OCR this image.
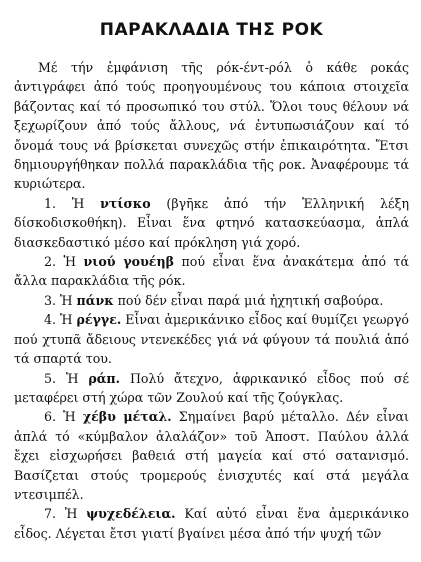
ΠΑΡΑΚΛΑΔΙΑ ΤΗΣ ΡΟΚ

Μέ τήν ἐμφάνιση τῆς ρόκ-έντ-ρόλ ὁ κάθε ροκάς ἀντιγράφει ἀπό τούς προηγουμένους του κάποια στοιχεῖα βάζοντας καί τό προσωπικό του στύλ. Ὅλοι τους θέλουν νά ξεχωρίζουν ἀπό τούς ἄλλους, νά ἐντυπωσιάζουν καί τό ὄνομά τους νά βρίσκεται συνεχῶς στήν ἐπικαιρότητα. Ἔτσι δημιουργήθηκαν πολλά παρακλάδια τῆς ροκ. Ἀναφέρουμε τά κυριώτερα.

1. Ἡ ντίσκο (βγῆκε ἀπό τήν Ἑλληνική λέξη δίσκοδισκοθήκη). Εἶναι ἕνα φτηνό κατασκεύασμα, ἁπλά διασκεδαστικό μέσο καί πρόκληση γιά χορό.

2. Ἡ νιού γουέηβ πού εἶναι ἕνα ἀνακάτεμα ἀπό τά ἄλλα παρακλάδια τῆς ρόκ.

3. Ἡ πάνκ πού δέν εἶναι παρά μιά ἠχητική σαβούρα.

4. Ἡ ρέγγε. Εἶναι ἀμερικάνικο εἶδος καί θυμίζει γεωργό πού χτυπᾶ ἄδειους ντενεκέδες γιά νά φύγουν τά πουλιά ἀπό τά σπαρτά του.

5. Ἡ ράπ. Πολύ ἄτεχνο, ἀφρικανικό εἶδος πού σέ μεταφέρει στή χώρα τῶν Ζουλού καί τῆς ζούγκλας.

6. Ἡ χέβυ μέταλ. Σημαίνει βαρύ μέταλλο. Δέν εἶναι ἁπλά τό «κύμβαλον ἀλαλάζον» τοῦ Ἀποστ. Παύλου ἀλλά ἔχει εἰσχωρήσει βαθειά στή μαγεία καί στό σατανισμό. Βασίζεται στούς τρομερούς ἐνισχυτές καί στά μεγάλα ντεσιμπέλ.

7. Ἡ ψυχεδέλεια. Καί αὐτό εἶναι ἕνα ἀμερικάνικο εἶδος. Λέγεται ἔτσι γιατί βγαίνει μέσα ἀπό τήν ψυχή τῶν
